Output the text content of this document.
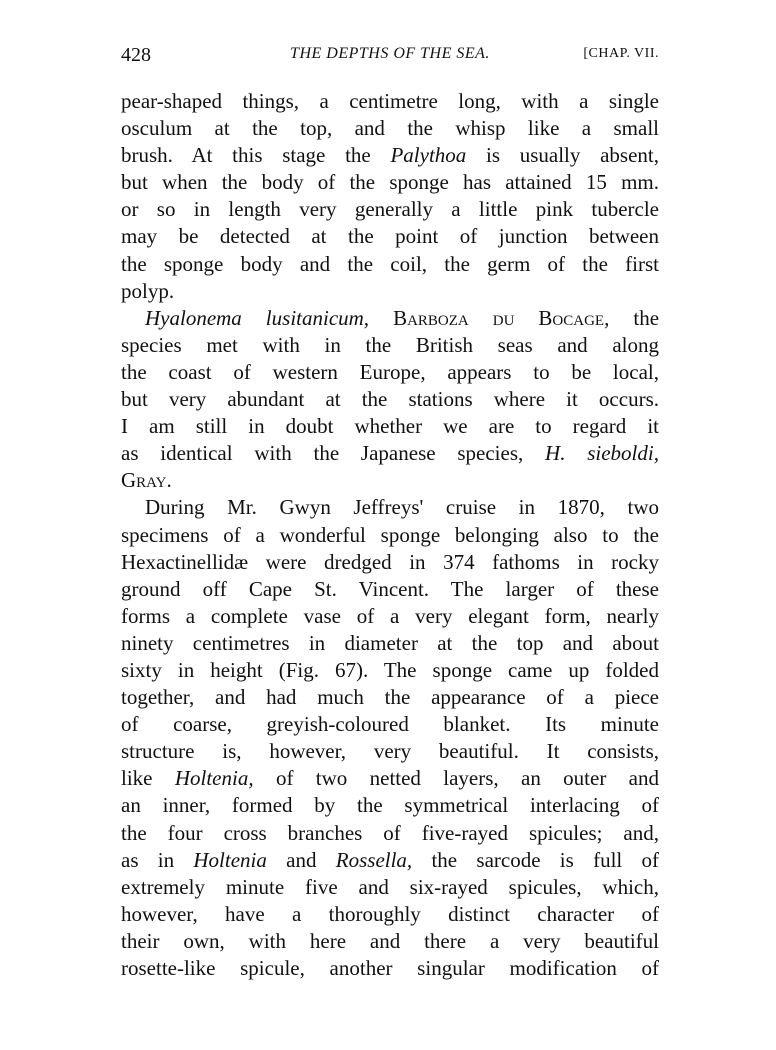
428	THE DEPTHS OF THE SEA.	[CHAP. VII.
pear-shaped things, a centimetre long, with a single
osculum at the top, and the whisp like a small
brush. At this stage the Palythoa is usually absent,
but when the body of the sponge has attained 15 mm.
or so in length very generally a little pink tubercle
may be detected at the point of junction between
the sponge body and the coil, the germ of the first
polyp.
Hyalonema lusitanicum, Barboza du Bocage, the
species met with in the British seas and along
the coast of western Europe, appears to be local,
but very abundant at the stations where it occurs.
I am still in doubt whether we are to regard it
as identical with the Japanese species, H. sieboldi,
Gray.
During Mr. Gwyn Jeffreys' cruise in 1870, two
specimens of a wonderful sponge belonging also to the
Hexactinellidæ were dredged in 374 fathoms in rocky
ground off Cape St. Vincent. The larger of these
forms a complete vase of a very elegant form, nearly
ninety centimetres in diameter at the top and about
sixty in height (Fig. 67). The sponge came up folded
together, and had much the appearance of a piece
of coarse, greyish-coloured blanket. Its minute
structure is, however, very beautiful. It consists,
like Holtenia, of two netted layers, an outer and
an inner, formed by the symmetrical interlacing of
the four cross branches of five-rayed spicules; and,
as in Holtenia and Rossella, the sarcode is full of
extremely minute five and six-rayed spicules, which,
however, have a thoroughly distinct character of
their own, with here and there a very beautiful
rosette-like spicule, another singular modification of
